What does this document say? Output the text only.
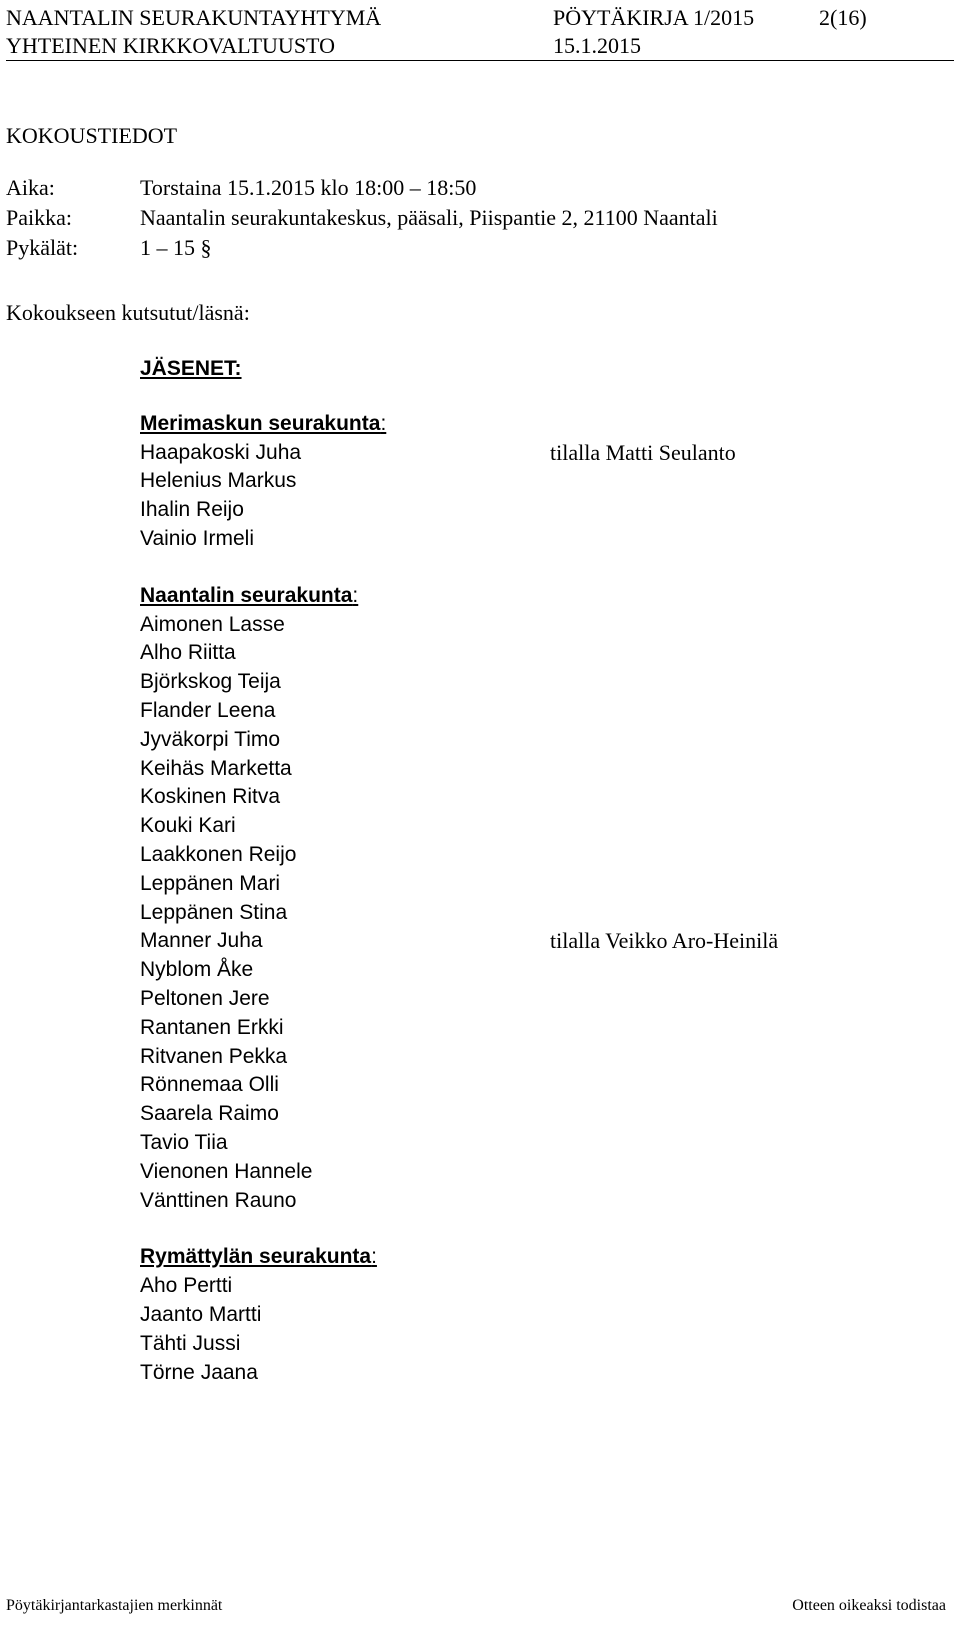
NAANTALIN SEURAKUNTAYHTYMÄ	PÖYTÄKIRJA 1/2015	2(16)
YHTEINEN KIRKKOVALTUUSTO	15.1.2015
KOKOUSTIEDOT
Aika:	Torstaina 15.1.2015 klo 18:00 – 18:50
Paikka:	Naantalin seurakuntakeskus, pääsali, Piispantie 2, 21100 Naantali
Pykälät:	1 – 15 §
Kokoukseen kutsutut/läsnä:
JÄSENET:
Merimaskun seurakunta:
Haapakoski Juha	tilalla Matti Seulanto
Helenius Markus
Ihalin Reijo
Vainio Irmeli
Naantalin seurakunta:
Aimonen Lasse
Alho Riitta
Björkskog Teija
Flander Leena
Jyväkorpi Timo
Keihäs Marketta
Koskinen Ritva
Kouki Kari
Laakkonen Reijo
Leppänen Mari
Leppänen Stina
Manner Juha	tilalla Veikko Aro-Heinilä
Nyblom Åke
Peltonen Jere
Rantanen Erkki
Ritvanen Pekka
Rönnemaa Olli
Saarela Raimo
Tavio Tiia
Vienonen Hannele
Vänttinen Rauno
Rymättylän seurakunta:
Aho Pertti
Jaanto Martti
Tähti Jussi
Törne Jaana
Pöytäkirjantarkastajien merkinnät	Otteen oikeaksi todistaa
